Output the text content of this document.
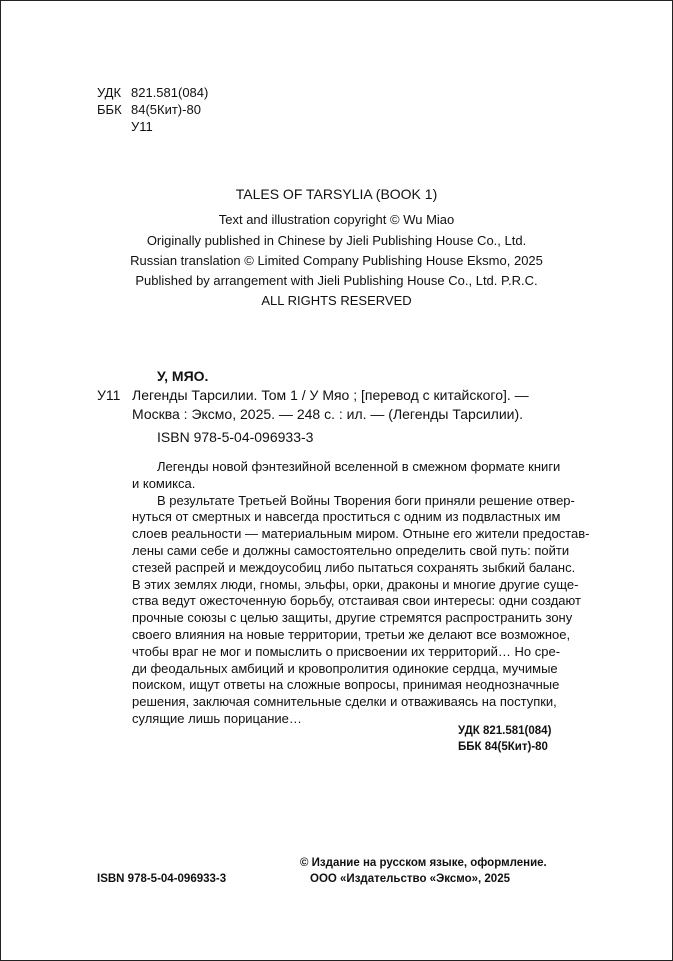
УДК 821.581(084)
ББК 84(5Кит)-80
У11
TALES OF TARSYLIA (BOOK 1)
Text and illustration copyright © Wu Miao
Originally published in Chinese by Jieli Publishing House Co., Ltd.
Russian translation © Limited Company Publishing House Eksmo, 2025
Published by arrangement with Jieli Publishing House Co., Ltd. P.R.C.
ALL RIGHTS RESERVED
У, МЯО.
У11 Легенды Тарсилии. Том 1 / У Мяо ; [перевод с китайского]. —
Москва : Эксмо, 2025. — 248 с. : ил. — (Легенды Тарсилии).
ISBN 978-5-04-096933-3
Легенды новой фэнтезийной вселенной в смежном формате книги
и комикса.
В результате Третьей Войны Творения боги приняли решение отвер-
нуться от смертных и навсегда проститься с одним из подвластных им
слоев реальности — материальным миром. Отныне его жители предостав-
лены сами себе и должны самостоятельно определить свой путь: пойти
стезей распрей и междоусобиц либо пытаться сохранять зыбкий баланс.
В этих землях люди, гномы, эльфы, орки, драконы и многие другие суще-
ства ведут ожесточенную борьбу, отстаивая свои интересы: одни создают
прочные союзы с целью защиты, другие стремятся распространить зону
своего влияния на новые территории, третьи же делают все возможное,
чтобы враг не мог и помыслить о присвоении их территорий… Но сре-
ди феодальных амбиций и кровопролития одинокие сердца, мучимые
поиском, ищут ответы на сложные вопросы, принимая неоднозначные
решения, заключая сомнительные сделки и отваживаясь на поступки,
сулящие лишь порицание…
УДК 821.581(084)
ББК 84(5Кит)-80
ISBN 978-5-04-096933-3
© Издание на русском языке, оформление.
ООО «Издательство «Эксмо», 2025
